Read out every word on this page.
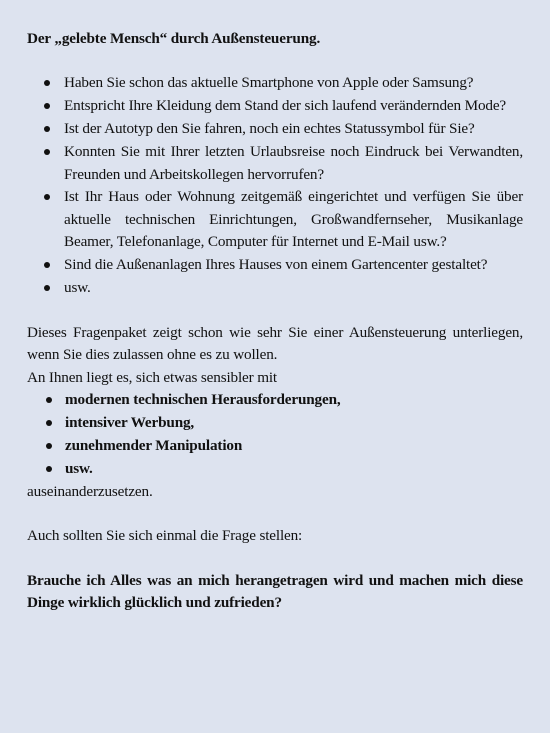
Der „gelebte Mensch“ durch Außensteuerung.
Haben Sie schon das aktuelle Smartphone von Apple oder Samsung?
Entspricht Ihre Kleidung dem Stand der sich laufend verändernden Mode?
Ist der Autotyp den Sie fahren, noch ein echtes Statussymbol für Sie?
Konnten Sie mit Ihrer letzten Urlaubsreise noch Eindruck bei Verwandten, Freunden und Arbeitskollegen hervorrufen?
Ist Ihr Haus oder Wohnung zeitgemäß eingerichtet und verfügen Sie über aktuelle technischen Einrichtungen, Großwandfernseher, Musikanlage Beamer, Telefonanlage, Computer für Internet und E-Mail usw.?
Sind die Außenanlagen Ihres Hauses von einem Gartencenter gestaltet?
usw.

Dieses Fragenpaket zeigt schon wie sehr Sie einer Außensteuerung unterliegen, wenn Sie dies zulassen ohne es zu wollen.

An Ihnen liegt es, sich etwas sensibler mit

modernen technischen Herausforderungen,
intensiver Werbung,
zunehmender Manipulation
usw.

auseinanderzusetzen.

Auch sollten Sie sich einmal die Frage stellen:

Brauche ich Alles was an mich herangetragen wird und machen mich diese Dinge wirklich glücklich und zufrieden?
